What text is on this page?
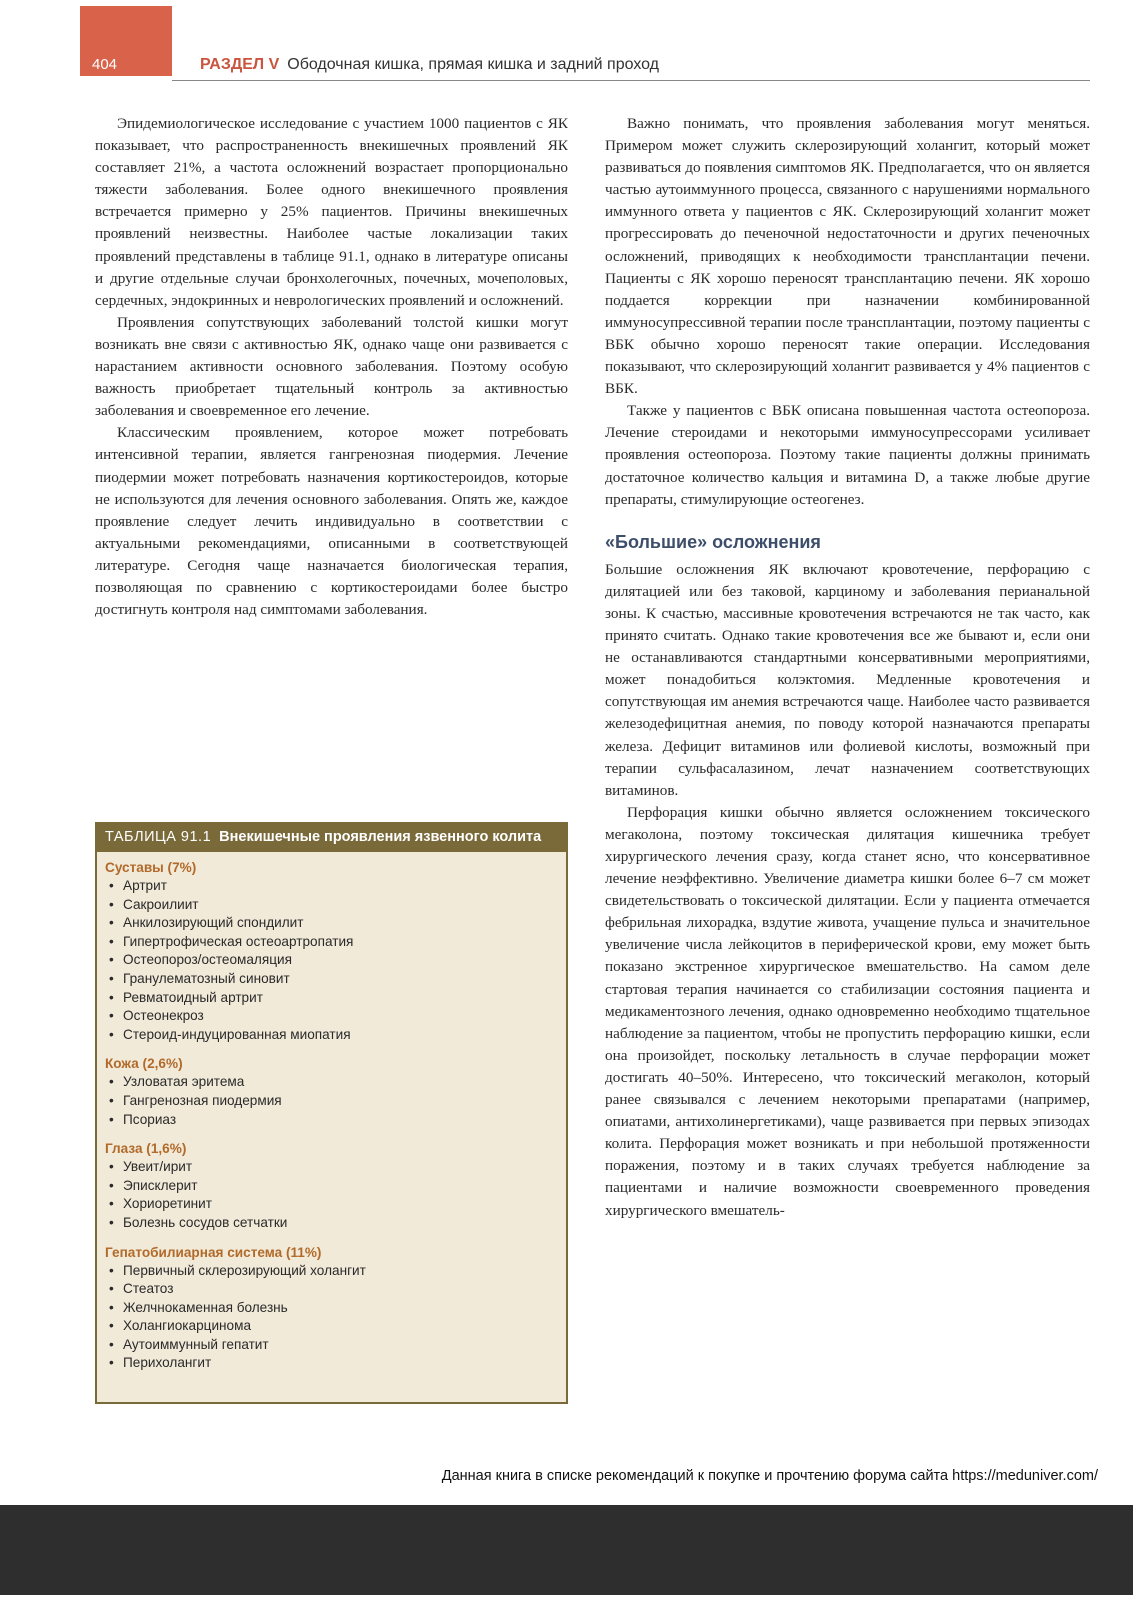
404	РАЗДЕЛ V Ободочная кишка, прямая кишка и задний проход

Эпидемиологическое исследование с участием 1000 пациентов с ЯК показывает, что распространенность внекишечных проявлений ЯК составляет 21%, а частота осложнений возрастает пропорционально тяжести заболевания. Более одного внекишечного проявления встречается примерно у 25% пациентов. Причины внекишечных проявлений неизвестны. Наиболее частые локализации таких проявлений представлены в таблице 91.1, однако в литературе описаны и другие отдельные случаи бронхолегочных, почечных, мочеполовых, сердечных, эндокринных и неврологических проявлений и осложнений.

Проявления сопутствующих заболеваний толстой кишки могут возникать вне связи с активностью ЯК, однако чаще они развивается с нарастанием активности основного заболевания. Поэтому особую важность приобретает тщательный контроль за активностью заболевания и своевременное его лечение.

Классическим проявлением, которое может потребовать интенсивной терапии, является гангренозная пиодермия. Лечение пиодермии может потребовать назначения кортикостероидов, которые не используются для лечения основного заболевания. Опять же, каждое проявление следует лечить индивидуально в соответствии с актуальными рекомендациями, описанными в соответствующей литературе. Сегодня чаще назначается биологическая терапия, позволяющая по сравнению с кортикостероидами более быстро достигнуть контроля над симптомами заболевания.

ТАБЛИЦА 91.1 Внекишечные проявления язвенного колита
Суставы (7%)
• Артрит
• Сакроилиит
• Анкилозирующий спондилит
• Гипертрофическая остеоартропатия
• Остеопороз/остеомаляция
• Гранулематозный синовит
• Ревматоидный артрит
• Остеонекроз
• Стероид-индуцированная миопатия
Кожа (2,6%)
• Узловатая эритема
• Гангренозная пиодермия
• Псориаз
Глаза (1,6%)
• Увеит/ирит
• Эписклерит
• Хориоретинит
• Болезнь сосудов сетчатки
Гепатобилиарная система (11%)
• Первичный склерозирующий холангит
• Стеатоз
• Желчнокаменная болезнь
• Холангиокарцинома
• Аутоиммунный гепатит
• Перихолангит

Важно понимать, что проявления заболевания могут меняться. Примером может служить склерозирующий холангит, который может развиваться до появления симптомов ЯК. Предполагается, что он является частью аутоиммунного процесса, связанного с нарушениями нормального иммунного ответа у пациентов с ЯК. Склерозирующий холангит может прогрессировать до печеночной недостаточности и других печеночных осложнений, приводящих к необходимости трансплантации печени. Пациенты с ЯК хорошо переносят трансплантацию печени. ЯК хорошо поддается коррекции при назначении комбинированной иммуносупрессивной терапии после трансплантации, поэтому пациенты с ВБК обычно хорошо переносят такие операции. Исследования показывают, что склерозирующий холангит развивается у 4% пациентов с ВБК.

Также у пациентов с ВБК описана повышенная частота остеопороза. Лечение стероидами и некоторыми иммуносупрессорами усиливает проявления остеопороза. Поэтому такие пациенты должны принимать достаточное количество кальция и витамина D, а также любые другие препараты, стимулирующие остеогенез.

«Большие» осложнения

Большие осложнения ЯК включают кровотечение, перфорацию с дилятацией или без таковой, карциному и заболевания перианальной зоны. К счастью, массивные кровотечения встречаются не так часто, как принято считать. Однако такие кровотечения все же бывают и, если они не останавливаются стандартными консервативными мероприятиями, может понадобиться колэктомия. Медленные кровотечения и сопутствующая им анемия встречаются чаще. Наиболее часто развивается железодефицитная анемия, по поводу которой назначаются препараты железа. Дефицит витаминов или фолиевой кислоты, возможный при терапии сульфасалазином, лечат назначением соответствующих витаминов.

Перфорация кишки обычно является осложнением токсического мегаколона, поэтому токсическая дилятация кишечника требует хирургического лечения сразу, когда станет ясно, что консервативное лечение неэффективно. Увеличение диаметра кишки более 6–7 см может свидетельствовать о токсической дилятации. Если у пациента отмечается фебрильная лихорадка, вздутие живота, учащение пульса и значительное увеличение числа лейкоцитов в периферической крови, ему может быть показано экстренное хирургическое вмешательство. На самом деле стартовая терапия начинается со стабилизации состояния пациента и медикаментозного лечения, однако одновременно необходимо тщательное наблюдение за пациентом, чтобы не пропустить перфорацию кишки, если она произойдет, поскольку летальность в случае перфорации может достигать 40–50%. Интересено, что токсический мегаколон, который ранее связывался с лечением некоторыми препаратами (например, опиатами, антихолинергетиками), чаще развивается при первых эпизодах колита. Перфорация может возникать и при небольшой протяженности поражения, поэтому и в таких случаях требуется наблюдение за пациентами и наличие возможности своевременного проведения хирургического вмешатель-

Данная книга в списке рекомендаций к покупке и прочтению форума сайта https://meduniver.com/
